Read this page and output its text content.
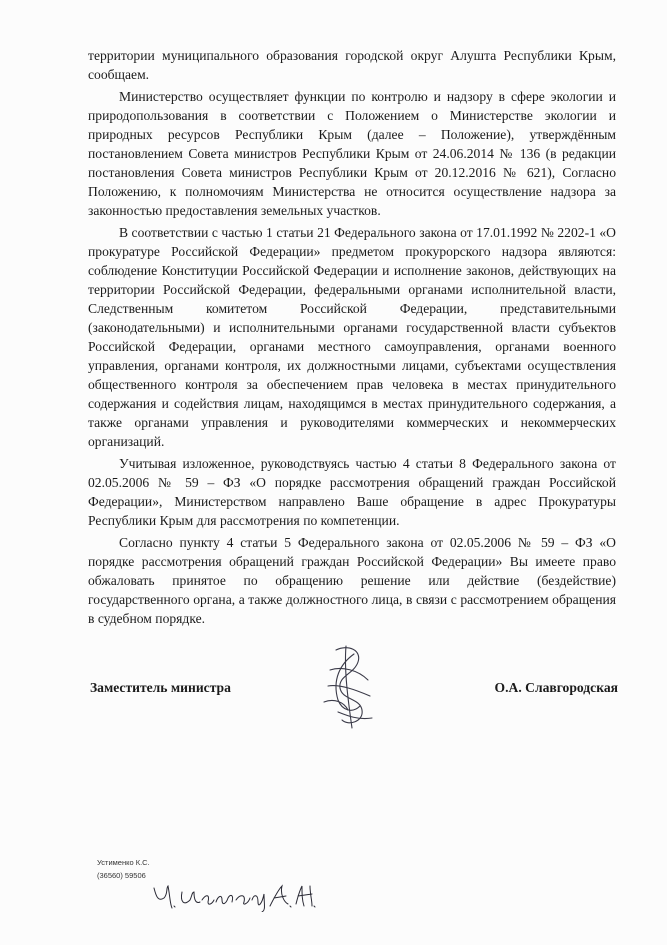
территории муниципального образования городской округ Алушта Республики Крым, сообщаем.

Министерство осуществляет функции по контролю и надзору в сфере экологии и природопользования в соответствии с Положением о Министерстве экологии и природных ресурсов Республики Крым (далее – Положение), утверждённым постановлением Совета министров Республики Крым от 24.06.2014 № 136 (в редакции постановления Совета министров Республики Крым от 20.12.2016 № 621), Согласно Положению, к полномочиям Министерства не относится осуществление надзора за законностью предоставления земельных участков.

В соответствии с частью 1 статьи 21 Федерального закона от 17.01.1992 № 2202-1 «О прокуратуре Российской Федерации» предметом прокурорского надзора являются: соблюдение Конституции Российской Федерации и исполнение законов, действующих на территории Российской Федерации, федеральными органами исполнительной власти, Следственным комитетом Российской Федерации, представительными (законодательными) и исполнительными органами государственной власти субъектов Российской Федерации, органами местного самоуправления, органами военного управления, органами контроля, их должностными лицами, субъектами осуществления общественного контроля за обеспечением прав человека в местах принудительного содержания и содействия лицам, находящимся в местах принудительного содержания, а также органами управления и руководителями коммерческих и некоммерческих организаций.

Учитывая изложенное, руководствуясь частью 4 статьи 8 Федерального закона от 02.05.2006 № 59 – ФЗ «О порядке рассмотрения обращений граждан Российской Федерации», Министерством направлено Ваше обращение в адрес Прокуратуры Республики Крым для рассмотрения по компетенции.

Согласно пункту 4 статьи 5 Федерального закона от 02.05.2006 № 59 – ФЗ «О порядке рассмотрения обращений граждан Российской Федерации» Вы имеете право обжаловать принятое по обращению решение или действие (бездействие) государственного органа, а также должностного лица, в связи с рассмотрением обращения в судебном порядке.

Заместитель министра	О.А. Славгородская
Устименко К.С.
(36560) 59506
